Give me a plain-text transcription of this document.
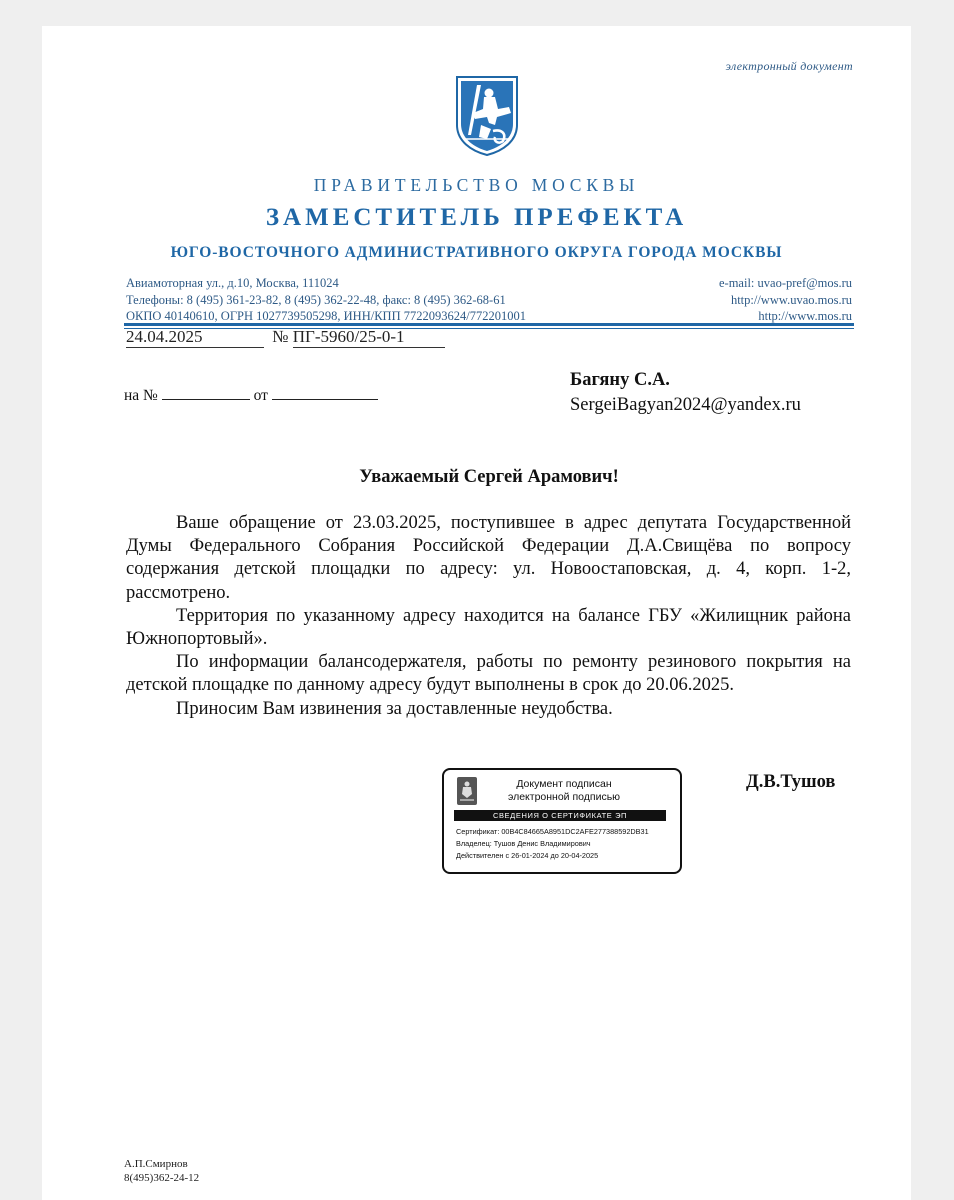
электронный документ
ПРАВИТЕЛЬСТВО МОСКВЫ
ЗАМЕСТИТЕЛЬ ПРЕФЕКТА
ЮГО-ВОСТОЧНОГО АДМИНИСТРАТИВНОГО ОКРУГА ГОРОДА МОСКВЫ
Авиамоторная ул., д.10, Москва, 111024
Телефоны: 8 (495) 361-23-82, 8 (495) 362-22-48, факс: 8 (495) 362-68-61
ОКПО 40140610, ОГРН 1027739505298, ИНН/КПП 7722093624/772201001
e-mail: uvao-pref@mos.ru
http://www.uvao.mos.ru
http://www.mos.ru
24.04.2025	№ ПГ-5960/25-0-1
на №	от
Багяну С.А.
SergeiBagyan2024@yandex.ru
Уважаемый Сергей Арамович!

Ваше обращение от 23.03.2025, поступившее в адрес депутата Государственной Думы Федерального Собрания Российской Федерации Д.А.Свищёва по вопросу содержания детской площадки по адресу: ул. Новоостаповская, д. 4, корп. 1-2, рассмотрено.

Территория по указанному адресу находится на балансе ГБУ «Жилищник района Южнопортовый».

По информации балансодержателя, работы по ремонту резинового покрытия на детской площадке по данному адресу будут выполнены в срок до 20.06.2025.

Приносим Вам извинения за доставленные неудобства.

Документ подписан
электронной подписью
СВЕДЕНИЯ О СЕРТИФИКАТЕ ЭП
Сертификат: 00B4C84665A8951DC2AFE277388592DB31
Владелец: Тушов Денис Владимирович
Действителен с 26-01-2024 до 20-04-2025
Д.В.Тушов
А.П.Смирнов
8(495)362-24-12
